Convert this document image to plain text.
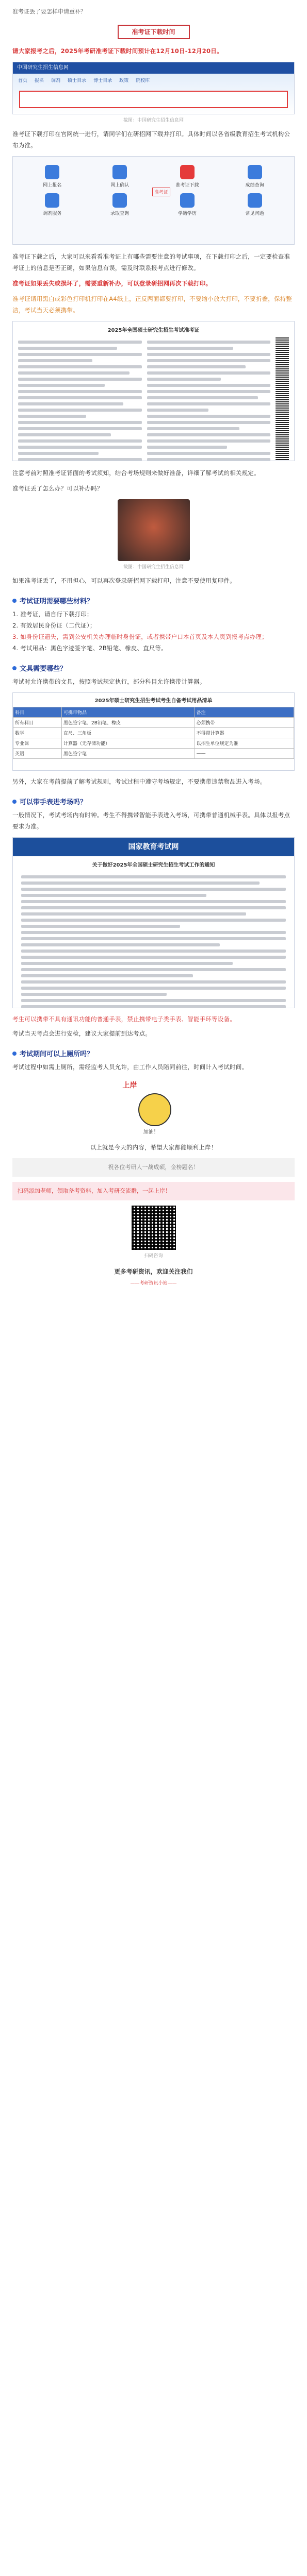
准考证丢了要怎样申请重补？
准考证下载时间
请大家报考之后，2025年考研准考证下载时间预计在12月10日-12月20日。
中国研究生招生信息网
首页 报名 调剂 硕士目录 博士目录 政策 院校库
截图：中国研究生招生信息网
准考证下载打印在官网统一进行，请同学们在研招网下载并打印。具体时间以各省级教育招生考试机构公布为准。
网上报名	网上确认	准考证下载	成绩查询
调剂服务	录取查询	学籍学历	常见问题
准考证
准考证下载之后，大家可以来看看准考证上有哪些需要注意的考试事项，在下载打印之后，一定要检查准考证上的信息是否正确，如果信息有误，需及时联系报考点进行修改。
准考证如果丢失或损坏了，需要重新补办，可以登录研招网再次下载打印。
准考证请用黑白或彩色打印机打印在A4纸上，正反两面都要打印，不要缩小放大打印，不要折叠，保持整洁，考试当天必须携带。
2025年全国硕士研究生招生考试准考证
注意考前对照准考证背面的考试须知，结合考场规则来做好准备，详细了解考试的相关规定。
准考证丢了怎么办？可以补办吗？
截图：中国研究生招生信息网
如果准考证丢了，不用担心，可以再次登录研招网下载打印，注意不要使用复印件。
考试证明需要哪些材料？
1. 准考证，请自行下载打印；
2. 有效居民身份证（二代证）；
3. 如身份证遗失，需到公安机关办理临时身份证，或者携带户口本首页及本人页到报考点办理；
4. 考试用品：黑色字迹签字笔、2B铅笔、橡皮、直尺等。
文具需要哪些？
考试时允许携带的文具，按照考试规定执行，部分科目允许携带计算器。
2025年硕士研究生招生考试考生自备考试用品清单
科目	可携带物品	备注
所有科目	黑色签字笔、2B铅笔、橡皮	必须携带
数学	直尺、三角板	不得带计算器
专业课	计算器（无存储功能）	以招生单位规定为准
英语	黑色签字笔	——
另外，大家在考前提前了解考试规则，考试过程中遵守考场规定，不要携带违禁物品进入考场。
可以带手表进考场吗？
一般情况下，考试考场内有时钟。考生不得携带智能手表进入考场，可携带普通机械手表。具体以报考点要求为准。
国家教育考试网
关于做好2025年全国硕士研究生招生考试工作的通知
考生可以携带不具有通讯功能的普通手表，禁止携带电子类手表、智能手环等设备。
考试当天考点会进行安检，建议大家提前到达考点。
考试期间可以上厕所吗？
考试过程中如需上厕所，需经监考人员允许，由工作人员陪同前往，时间计入考试时间。
上岸
加油！
以上就是今天的内容，希望大家都能顺利上岸！
祝各位考研人一战成硕，金榜题名！
扫码添加老师，领取备考资料，加入考研交流群，一起上岸！
扫码咨询
更多考研资讯，欢迎关注我们
——考研资讯小站——
